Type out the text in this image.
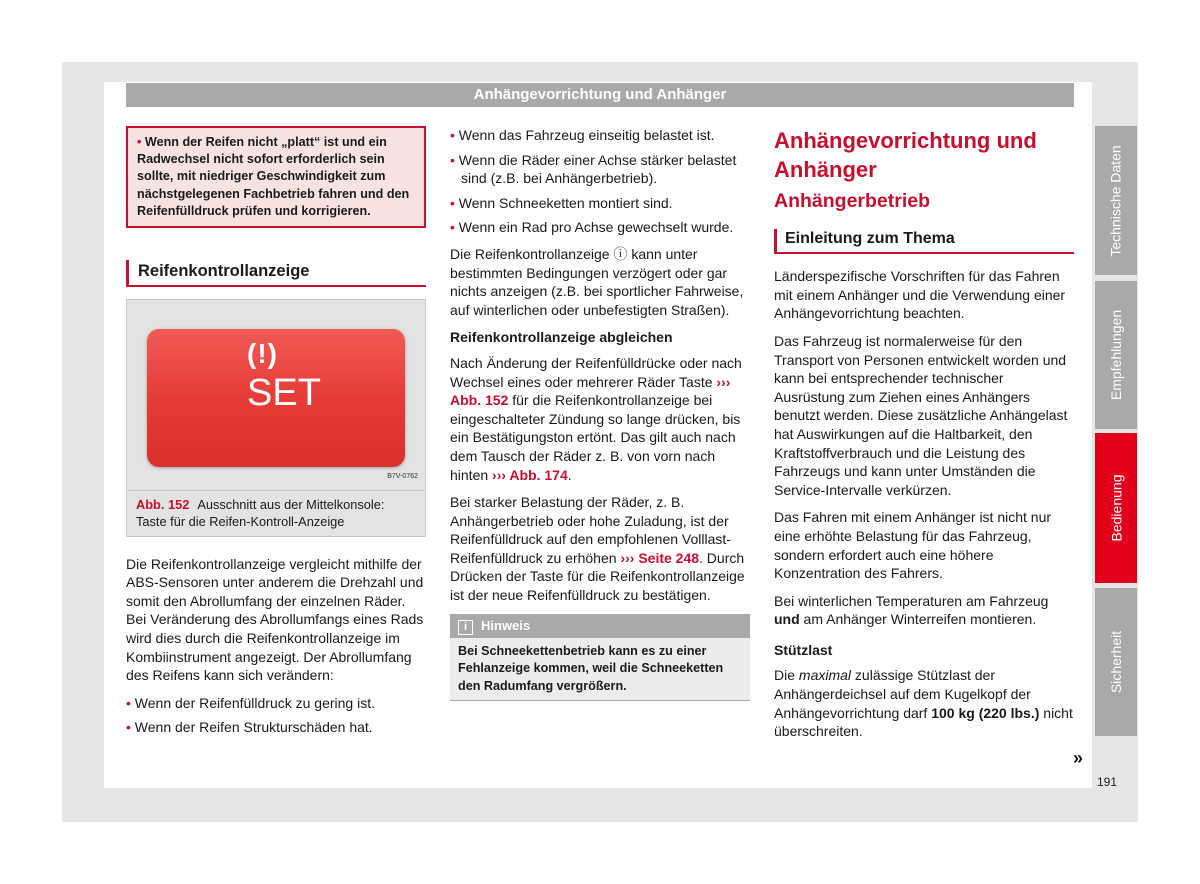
Anhängevorrichtung und Anhänger
• Wenn der Reifen nicht „platt“ ist und ein Radwechsel nicht sofort erforderlich sein sollte, mit niedriger Geschwindigkeit zum nächstgelegenen Fachbetrieb fahren und den Reifenfülldruck prüfen und korrigieren.
Reifenkontrollanzeige
(!)
SET
B7V-0762
Abb. 152 Ausschnitt aus der Mittelkonsole: Taste für die Reifen-Kontroll-Anzeige

Die Reifenkontrollanzeige vergleicht mithilfe der ABS-Sensoren unter anderem die Drehzahl und somit den Abrollumfang der einzelnen Räder. Bei Veränderung des Abrollumfangs eines Rads wird dies durch die Reifenkontrollanzeige im Kombiinstrument angezeigt. Der Abrollumfang des Reifens kann sich verändern:

• Wenn der Reifenfülldruck zu gering ist.
• Wenn der Reifen Strukturschäden hat.
• Wenn das Fahrzeug einseitig belastet ist.
• Wenn die Räder einer Achse stärker belastet sind (z.B. bei Anhängerbetrieb).
• Wenn Schneeketten montiert sind.
• Wenn ein Rad pro Achse gewechselt wurde.

Die Reifenkontrollanzeige ⓘ kann unter bestimmten Bedingungen verzögert oder gar nichts anzeigen (z.B. bei sportlicher Fahrweise, auf winterlichen oder unbefestigten Straßen).

Reifenkontrollanzeige abgleichen

Nach Änderung der Reifenfülldrücke oder nach Wechsel eines oder mehrerer Räder Taste ››› Abb. 152 für die Reifenkontrollanzeige bei eingeschalteter Zündung so lange drücken, bis ein Bestätigungston ertönt. Das gilt auch nach dem Tausch der Räder z. B. von vorn nach hinten ››› Abb. 174.

Bei starker Belastung der Räder, z. B. Anhängerbetrieb oder hohe Zuladung, ist der Reifenfülldruck auf den empfohlenen Volllast-Reifenfülldruck zu erhöhen ››› Seite 248. Durch Drücken der Taste für die Reifenkontrollanzeige ist der neue Reifenfülldruck zu bestätigen.

i Hinweis
Bei Schneekettenbetrieb kann es zu einer Fehlanzeige kommen, weil die Schneeketten den Radumfang vergrößern.
Anhängevorrichtung und Anhänger
Anhängerbetrieb
Einleitung zum Thema

Länderspezifische Vorschriften für das Fahren mit einem Anhänger und die Verwendung einer Anhängevorrichtung beachten.

Das Fahrzeug ist normalerweise für den Transport von Personen entwickelt worden und kann bei entsprechender technischer Ausrüstung zum Ziehen eines Anhängers benutzt werden. Diese zusätzliche Anhängelast hat Auswirkungen auf die Haltbarkeit, den Kraftstoffverbrauch und die Leistung des Fahrzeugs und kann unter Umständen die Service-Intervalle verkürzen.

Das Fahren mit einem Anhänger ist nicht nur eine erhöhte Belastung für das Fahrzeug, sondern erfordert auch eine höhere Konzentration des Fahrers.

Bei winterlichen Temperaturen am Fahrzeug und am Anhänger Winterreifen montieren.

Stützlast

Die maximal zulässige Stützlast der Anhängerdeichsel auf dem Kugelkopf der Anhängevorrichtung darf 100 kg (220 lbs.) nicht überschreiten.

Technische Daten
Empfehlungen
Bedienung
Sicherheit
»
191
